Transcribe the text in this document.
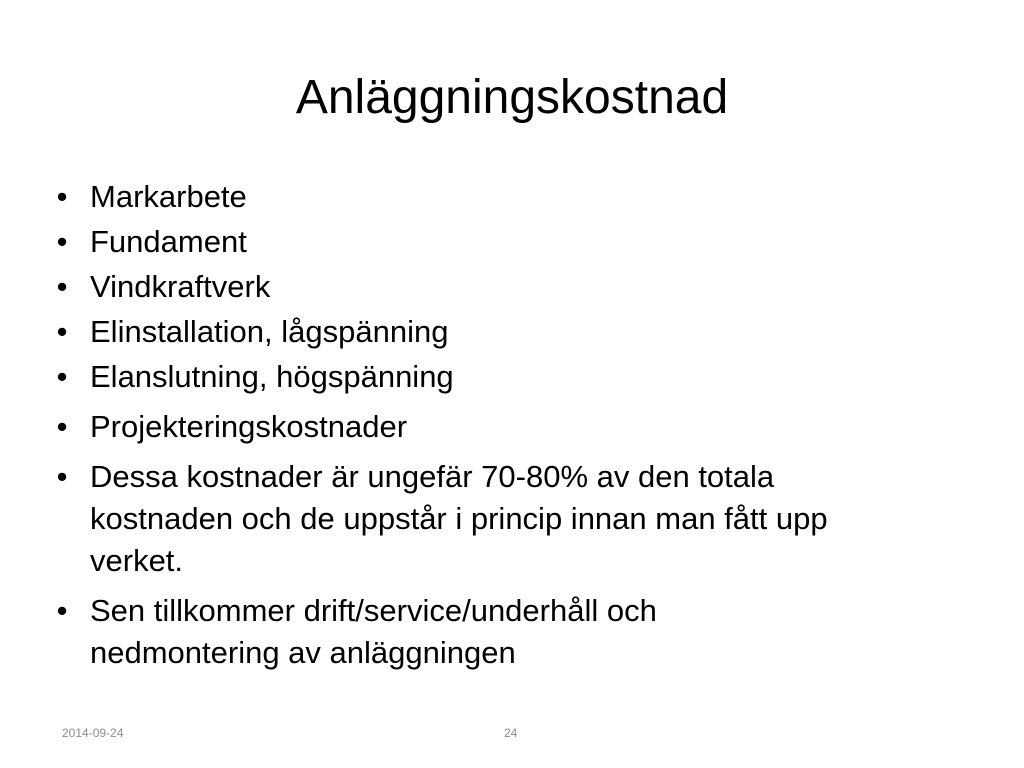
Anläggningskostnad
• Markarbete
• Fundament
• Vindkraftverk
• Elinstallation, lågspänning
• Elanslutning, högspänning
• Projekteringskostnader
• Dessa kostnader är ungefär 70-80% av den totala kostnaden och de uppstår i princip innan man fått upp verket.
• Sen tillkommer drift/service/underhåll och nedmontering av anläggningen
2014-09-24	24
